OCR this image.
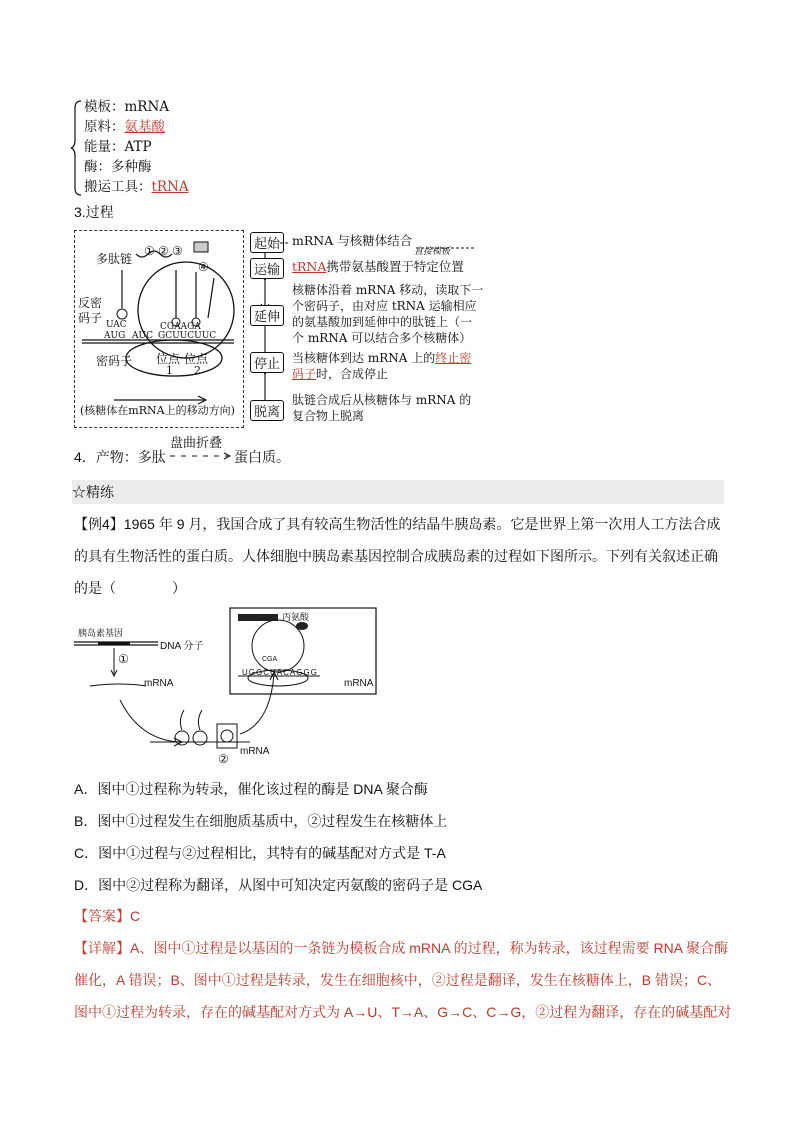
模板：mRNA
原料：氨基酸
能量：ATP
酶：多种酶
搬运工具：tRNA
3.过程
多肽链
① ② ③
④
反密码子 UAC
AUG AUC
CGAAGA
GCUUCUUC
密码子 位点 位点
1 2
(核糖体在mRNA上的移动方向)
起始 mRNA 与核糖体结合
直接模板
运输 tRNA携带氨基酸置于特定位置
延伸
核糖体沿着 mRNA 移动，读取下一
个密码子，由对应 tRNA 运输相应
的氨基酸加到延伸中的肽链上（一
个 mRNA 可以结合多个核糖体）
停止 当核糖体到达 mRNA 上的终止密码子时，合成停止
脱离
肽链合成后从核糖体与 mRNA 的
复合物上脱离
4．产物：多肽
盘曲折叠
蛋白质。
☆精练
【例4】1965 年 9 月，我国合成了具有较高生物活性的结晶牛胰岛素。它是世界上第一次用人工方法合成
的具有生物活性的蛋白质。人体细胞中胰岛素基因控制合成胰岛素的过程如下图所示。下列有关叙述正确
的是（　　　　）
胰岛素基因
DNA 分子
①
mRNA
mRNA
②
丙氨酸
CGA
UGGCUACAGGG
mRNA
A．图中①过程称为转录，催化该过程的酶是 DNA 聚合酶
B．图中①过程发生在细胞质基质中，②过程发生在核糖体上
C．图中①过程与②过程相比，其特有的碱基配对方式是 T-A
D．图中②过程称为翻译，从图中可知决定丙氨酸的密码子是 CGA
【答案】C
【详解】A、图中①过程是以基因的一条链为模板合成 mRNA 的过程，称为转录，该过程需要 RNA 聚合酶
催化，A 错误；B、图中①过程是转录，发生在细胞核中，②过程是翻译，发生在核糖体上，B 错误；C、
图中①过程为转录，存在的碱基配对方式为 A→U、T→A、G→C、C→G，②过程为翻译，存在的碱基配对
